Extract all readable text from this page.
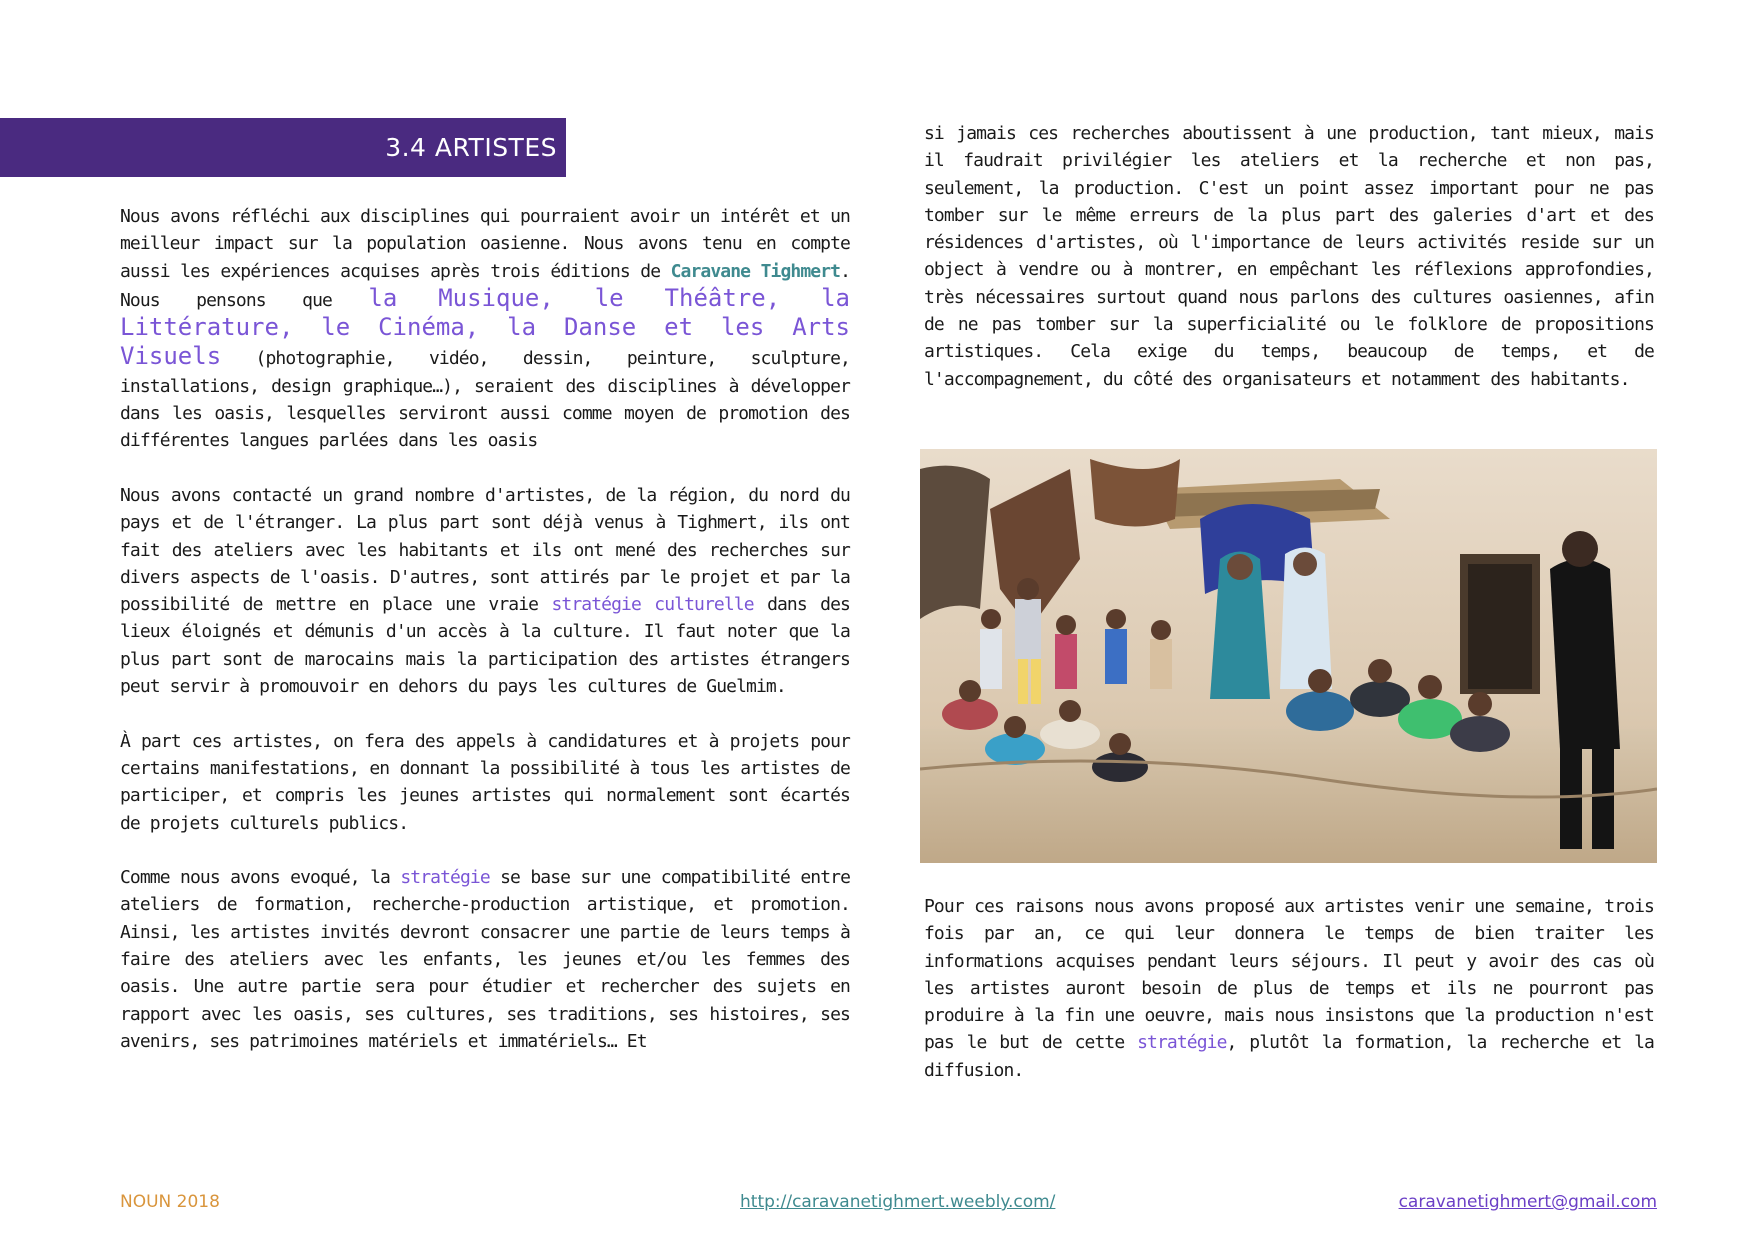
3.4 ARTISTES

Nous avons réfléchi aux disciplines qui pourraient avoir un intérêt et un meilleur impact sur la population oasienne. Nous avons tenu en compte aussi les expériences acquises après trois éditions de Caravane Tighmert. Nous pensons que la Musique, le Théâtre, la Littérature, le Cinéma, la Danse et les Arts Visuels (photographie, vidéo, dessin, peinture, sculpture, installations, design graphique…), seraient des disciplines à développer dans les oasis, lesquelles serviront aussi comme moyen de promotion des différentes langues parlées dans les oasis

Nous avons contacté un grand nombre d'artistes, de la région, du nord du pays et de l'étranger. La plus part sont déjà venus à Tighmert, ils ont fait des ateliers avec les habitants et ils ont mené des recherches sur divers aspects de l'oasis. D'autres, sont attirés par le projet et par la possibilité de mettre en place une vraie stratégie culturelle dans des lieux éloignés et démunis d'un accès à la culture. Il faut noter que la plus part sont de marocains mais la participation des artistes étrangers peut servir à promouvoir en dehors du pays les cultures de Guelmim.

À part ces artistes, on fera des appels à candidatures et à projets pour certains manifestations, en donnant la possibilité à tous les artistes de participer, et compris les jeunes artistes qui normalement sont écartés de projets culturels publics.

Comme nous avons evoqué, la stratégie se base sur une compatibilité entre ateliers de formation, recherche-production artistique, et promotion. Ainsi, les artistes invités devront consacrer une partie de leurs temps à faire des ateliers avec les enfants, les jeunes et/ou les femmes des oasis. Une autre partie sera pour étudier et rechercher des sujets en rapport avec les oasis, ses cultures, ses traditions, ses histoires, ses avenirs, ses patrimoines matériels et immatériels… Et

si jamais ces recherches aboutissent à une production, tant mieux, mais il faudrait privilégier les ateliers et la recherche et non pas, seulement, la production. C'est un point assez important pour ne pas tomber sur le même erreurs de la plus part des galeries d'art et des résidences d'artistes, où l'importance de leurs activités reside sur un object à vendre ou à montrer, en empêchant les réflexions approfondies, très nécessaires surtout quand nous parlons des cultures oasiennes, afin de ne pas tomber sur la superficialité ou le folklore de propositions artistiques. Cela exige du temps, beaucoup de temps, et de l'accompagnement, du côté des organisateurs et notamment des habitants.

Pour ces raisons nous avons proposé aux artistes venir une semaine, trois fois par an, ce qui leur donnera le temps de bien traiter les informations acquises pendant leurs séjours. Il peut y avoir des cas où les artistes auront besoin de plus de temps et ils ne pourront pas produire à la fin une oeuvre, mais nous insistons que la production n'est pas le but de cette stratégie, plutôt la formation, la recherche et la diffusion.

NOUN 2018	http://caravanetighmert.weebly.com/	caravanetighmert@gmail.com
